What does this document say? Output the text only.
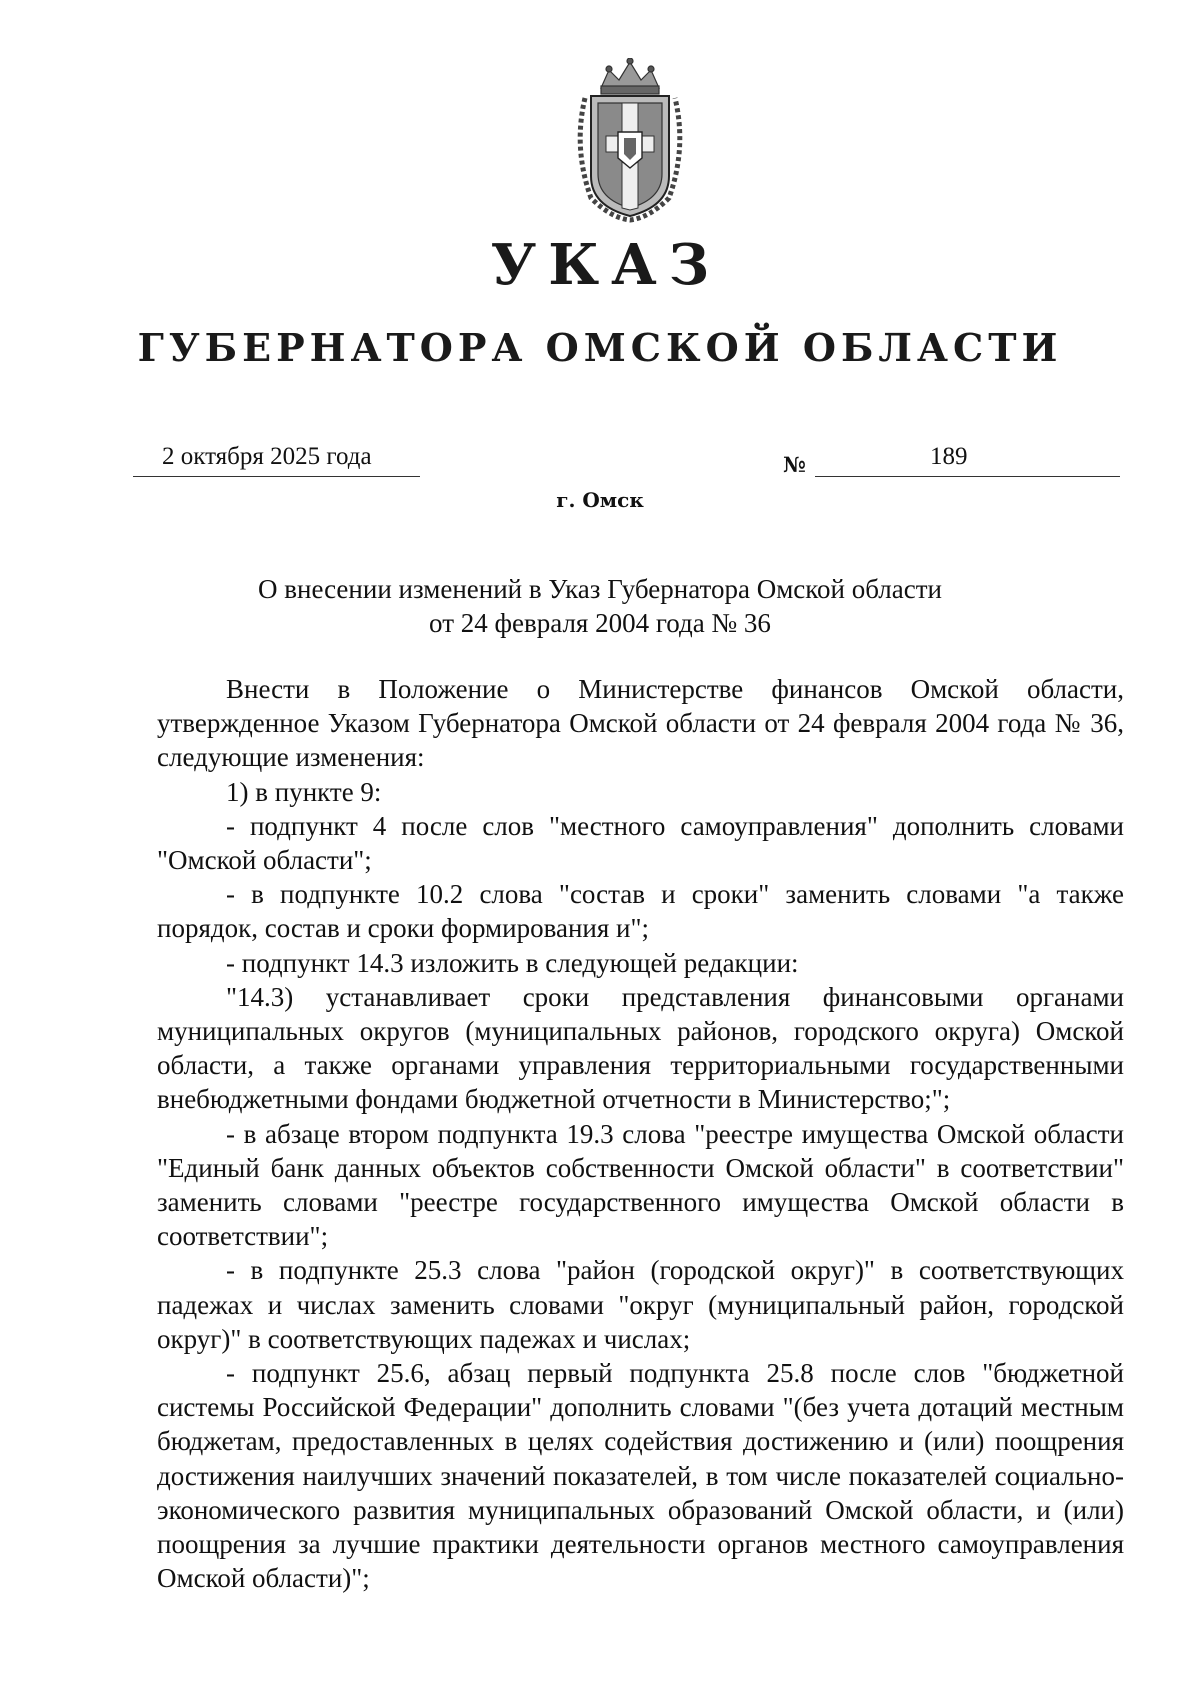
УКАЗ
ГУБЕРНАТОРА ОМСКОЙ ОБЛАСТИ
2 октября 2025 года	№	189
г. Омск
О внесении изменений в Указ Губернатора Омской области
от 24 февраля 2004 года № 36

Внести в Положение о Министерстве финансов Омской области, утвержденное Указом Губернатора Омской области от 24 февраля 2004 года № 36, следующие изменения:

1) в пункте 9:

- подпункт 4 после слов "местного самоуправления" дополнить словами "Омской области";

- в подпункте 10.2 слова "состав и сроки" заменить словами "а также порядок, состав и сроки формирования и";

- подпункт 14.3 изложить в следующей редакции:

"14.3) устанавливает сроки представления финансовыми органами муниципальных округов (муниципальных районов, городского округа) Омской области, а также органами управления территориальными государственными внебюджетными фондами бюджетной отчетности в Министерство;";

- в абзаце втором подпункта 19.3 слова "реестре имущества Омской области "Единый банк данных объектов собственности Омской области" в соответствии" заменить словами "реестре государственного имущества Омской области в соответствии";

- в подпункте 25.3 слова "район (городской округ)" в соответствующих падежах и числах заменить словами "округ (муниципальный район, городской округ)" в соответствующих падежах и числах;

- подпункт 25.6, абзац первый подпункта 25.8 после слов "бюджетной системы Российской Федерации" дополнить словами "(без учета дотаций местным бюджетам, предоставленных в целях содействия достижению и (или) поощрения достижения наилучших значений показателей, в том числе показателей социально-экономического развития муниципальных образований Омской области, и (или) поощрения за лучшие практики деятельности органов местного самоуправления Омской области)";
